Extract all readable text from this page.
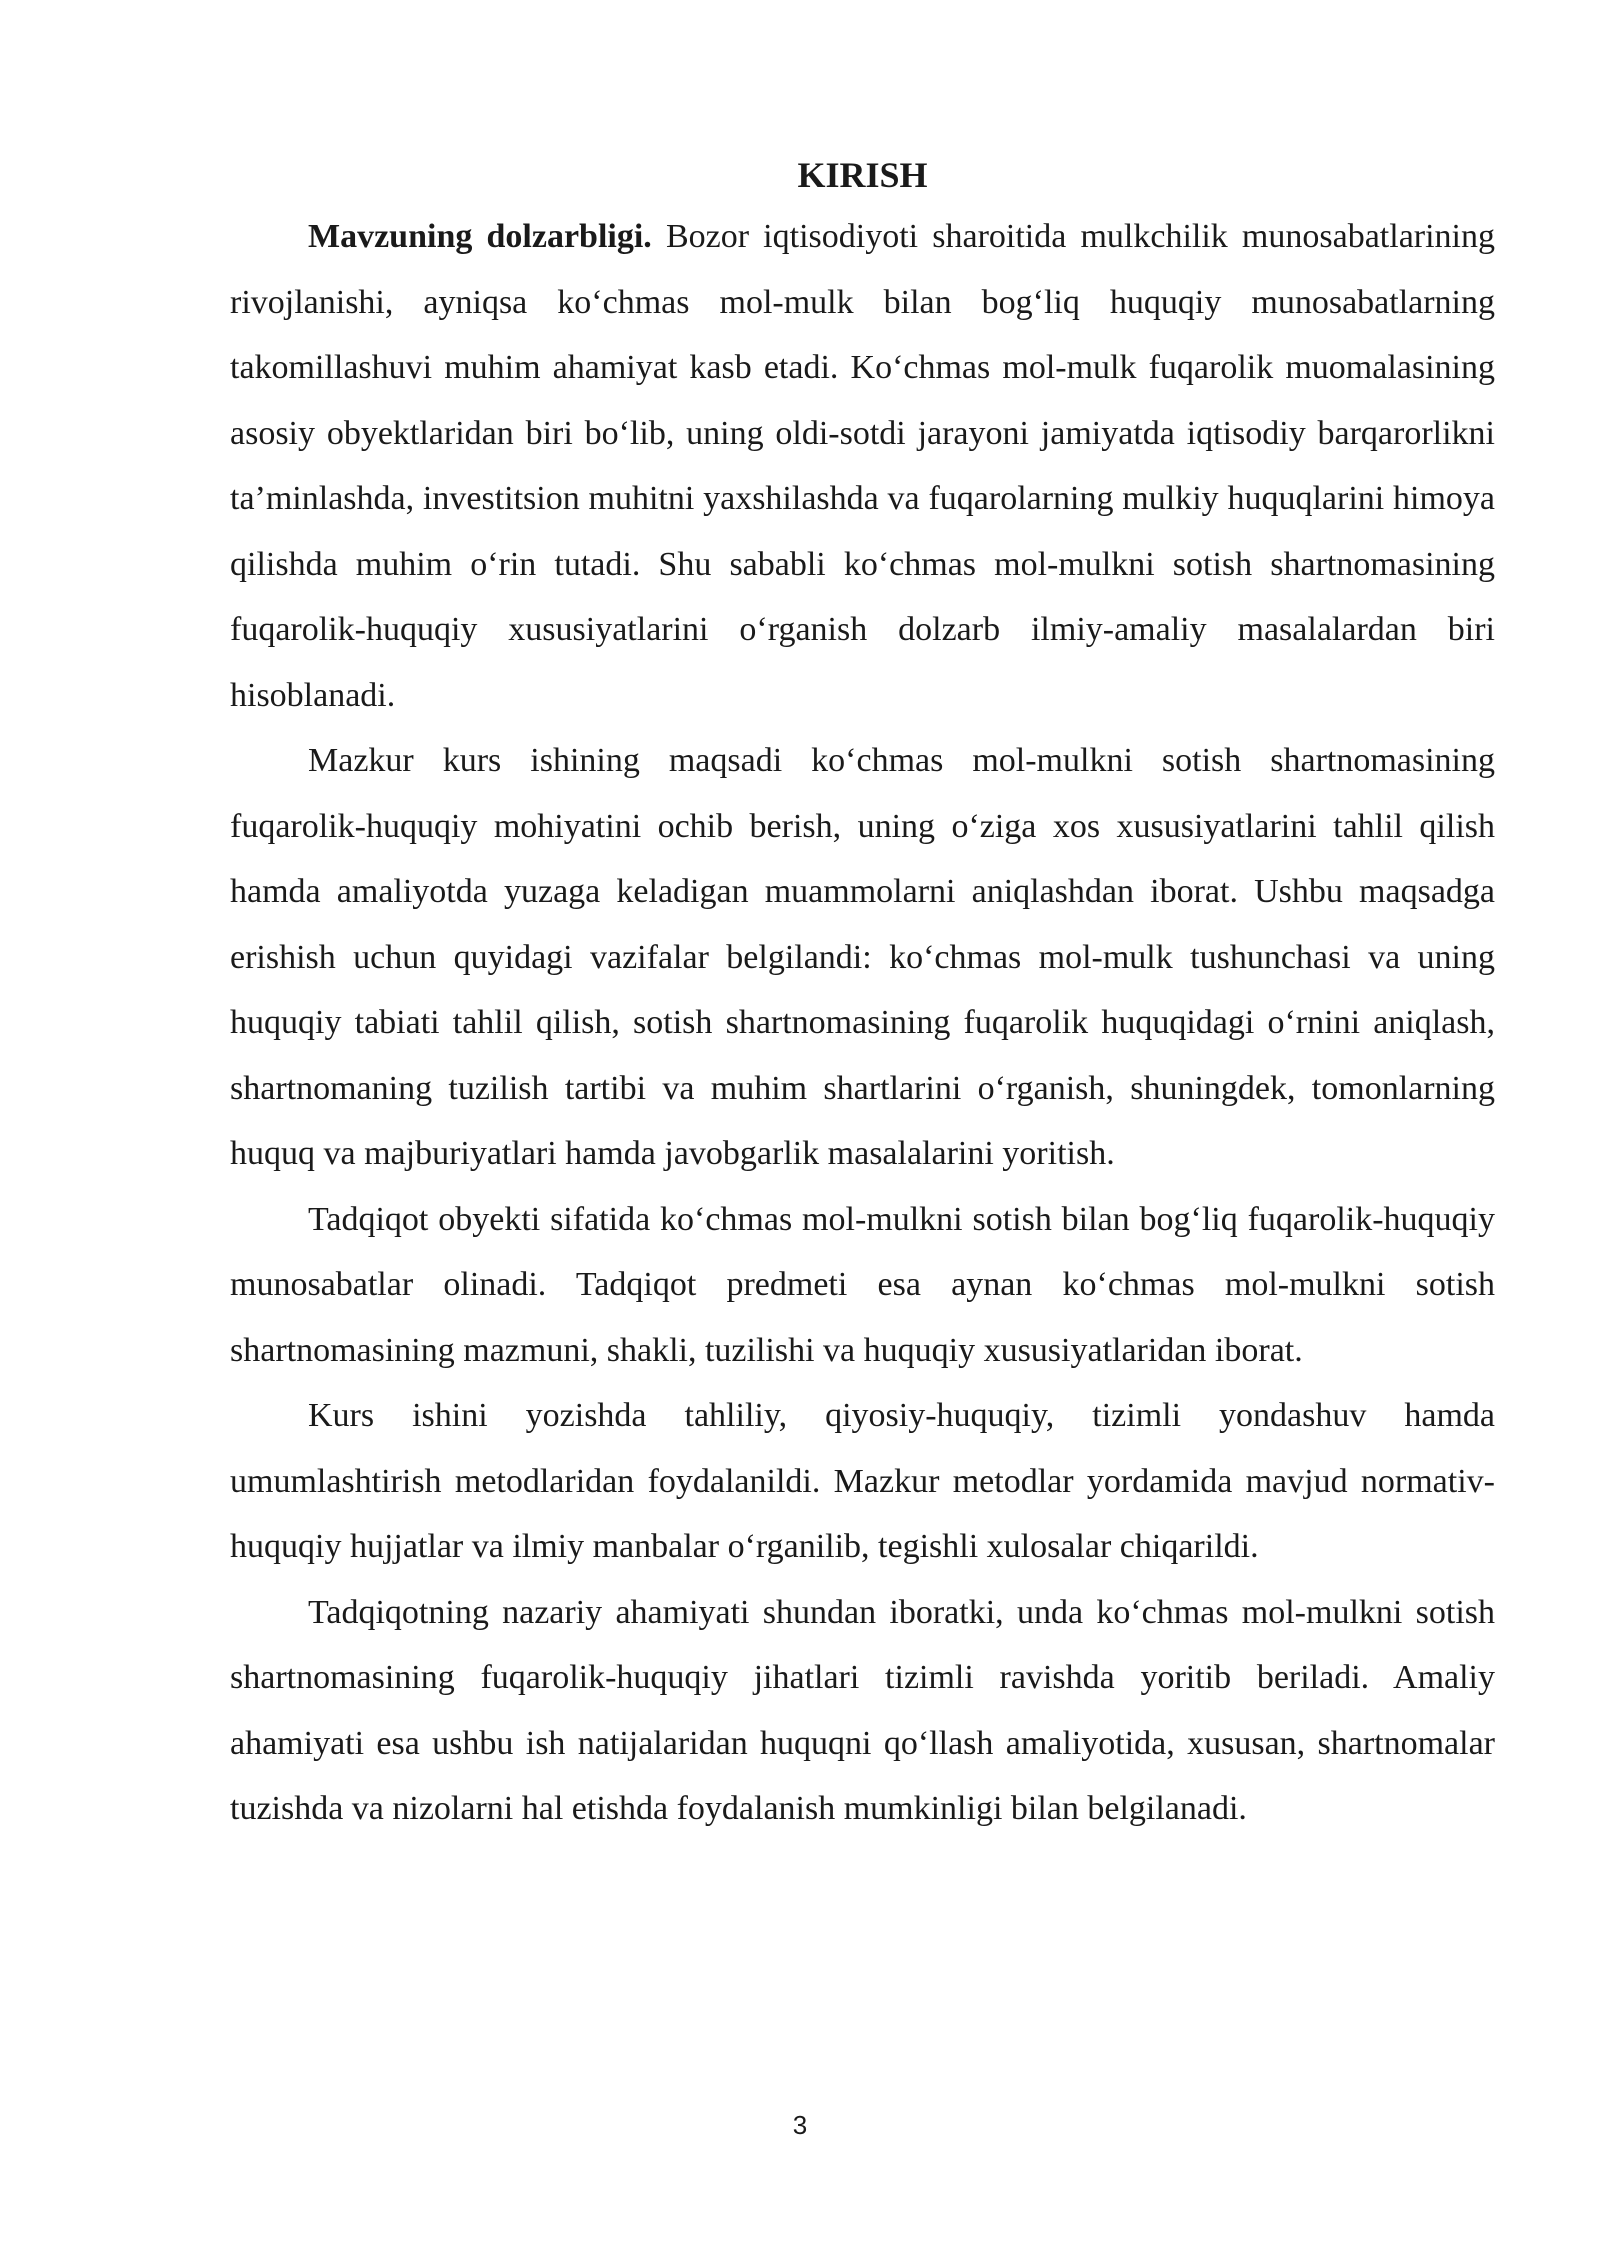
KIRISH

Mavzuning dolzarbligi. Bozor iqtisodiyoti sharoitida mulkchilik munosabatlarining rivojlanishi, ayniqsa ko‘chmas mol-mulk bilan bog‘liq huquqiy munosabatlarning takomillashuvi muhim ahamiyat kasb etadi. Ko‘chmas mol-mulk fuqarolik muomalasining asosiy obyektlaridan biri bo‘lib, uning oldi-sotdi jarayoni jamiyatda iqtisodiy barqarorlikni ta’minlashda, investitsion muhitni yaxshilashda va fuqarolarning mulkiy huquqlarini himoya qilishda muhim o‘rin tutadi. Shu sababli ko‘chmas mol-mulkni sotish shartnomasining fuqarolik-huquqiy xususiyatlarini o‘rganish dolzarb ilmiy-amaliy masalalardan biri hisoblanadi.

Mazkur kurs ishining maqsadi ko‘chmas mol-mulkni sotish shartnomasining fuqarolik-huquqiy mohiyatini ochib berish, uning o‘ziga xos xususiyatlarini tahlil qilish hamda amaliyotda yuzaga keladigan muammolarni aniqlashdan iborat. Ushbu maqsadga erishish uchun quyidagi vazifalar belgilandi: ko‘chmas mol-mulk tushunchasi va uning huquqiy tabiati tahlil qilish, sotish shartnomasining fuqarolik huquqidagi o‘rnini aniqlash, shartnomaning tuzilish tartibi va muhim shartlarini o‘rganish, shuningdek, tomonlarning huquq va majburiyatlari hamda javobgarlik masalalarini yoritish.

Tadqiqot obyekti sifatida ko‘chmas mol-mulkni sotish bilan bog‘liq fuqarolik-huquqiy munosabatlar olinadi. Tadqiqot predmeti esa aynan ko‘chmas mol-mulkni sotish shartnomasining mazmuni, shakli, tuzilishi va huquqiy xususiyatlaridan iborat.

Kurs ishini yozishda tahliliy, qiyosiy-huquqiy, tizimli yondashuv hamda umumlashtirish metodlaridan foydalanildi. Mazkur metodlar yordamida mavjud normativ-huquqiy hujjatlar va ilmiy manbalar o‘rganilib, tegishli xulosalar chiqarildi.

Tadqiqotning nazariy ahamiyati shundan iboratki, unda ko‘chmas mol-mulkni sotish shartnomasining fuqarolik-huquqiy jihatlari tizimli ravishda yoritib beriladi. Amaliy ahamiyati esa ushbu ish natijalaridan huquqni qo‘llash amaliyotida, xususan, shartnomalar tuzishda va nizolarni hal etishda foydalanish mumkinligi bilan belgilanadi.

3
